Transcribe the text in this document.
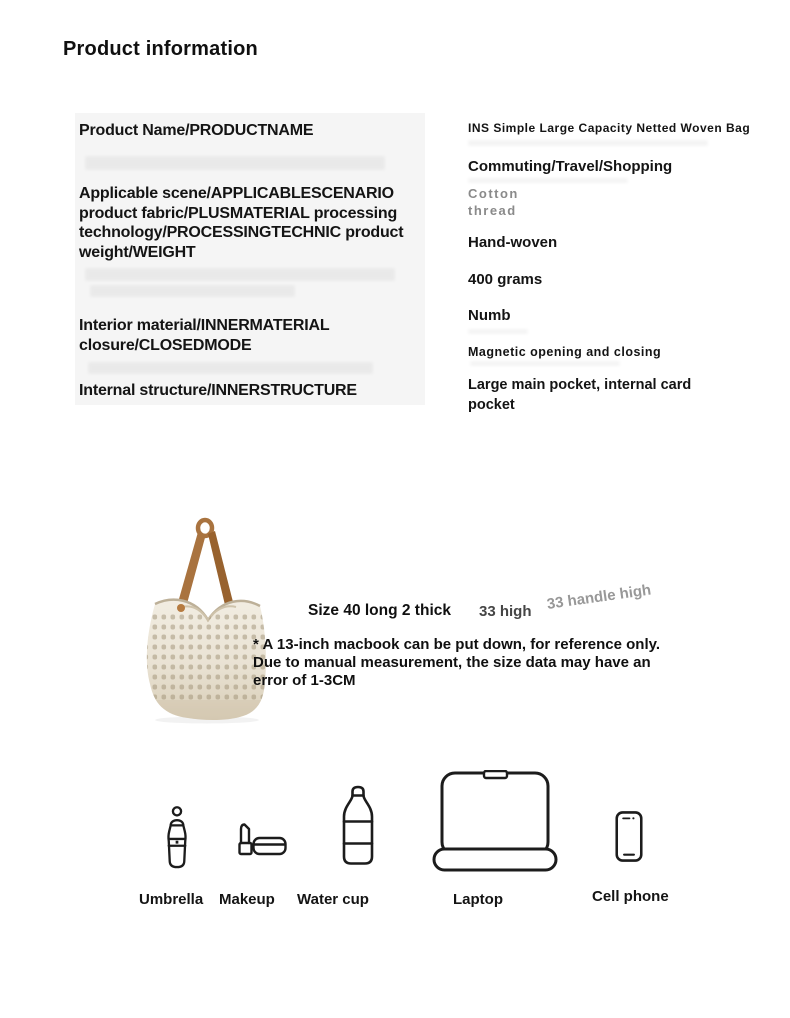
Product information
Product Name/PRODUCTNAME
Applicable scene/APPLICABLESCENARIO product fabric/PLUSMATERIAL processing technology/PROCESSINGTECHNIC product weight/WEIGHT
Interior material/INNERMATERIAL closure/CLOSEDMODE
Internal structure/INNERSTRUCTURE
INS Simple Large Capacity Netted Woven Bag
Commuting/Travel/Shopping
Cotton thread
Hand-woven
400 grams
Numb
Magnetic opening and closing
Large main pocket, internal card pocket
Size 40 long 2 thick 33 high 33 handle high
* A 13-inch macbook can be put down, for reference only.
Due to manual measurement, the size data may have an
error of 1-3CM
Umbrella Makeup Water cup	Laptop	Cell phone
